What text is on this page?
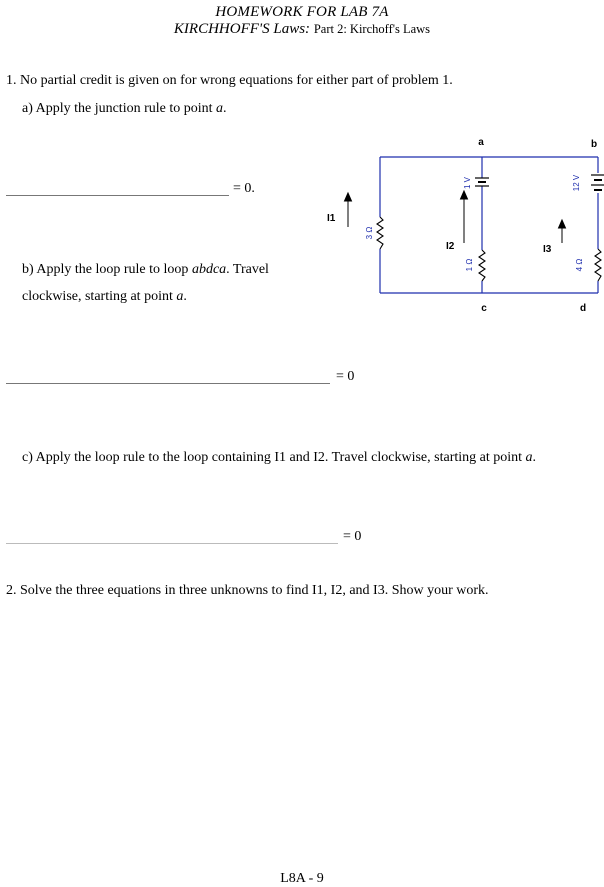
HOMEWORK FOR LAB 7A
KIRCHHOFF'S Laws: Part 2: Kirchoff's Laws
1. No partial credit is given on for wrong equations for either part of problem 1.
a) Apply the junction rule to point a.
= 0.
b) Apply the loop rule to loop abdca. Travel
clockwise, starting at point a.
= 0
c) Apply the loop rule to the loop containing I1 and I2. Travel clockwise, starting at point a.
= 0
2. Solve the three equations in three unknowns to find I1, I2, and I3. Show your work.
a	b
c	d
I1
I2	I3
3 Ω
1 Ω	4 Ω
1 V	12 V
L8A - 9
